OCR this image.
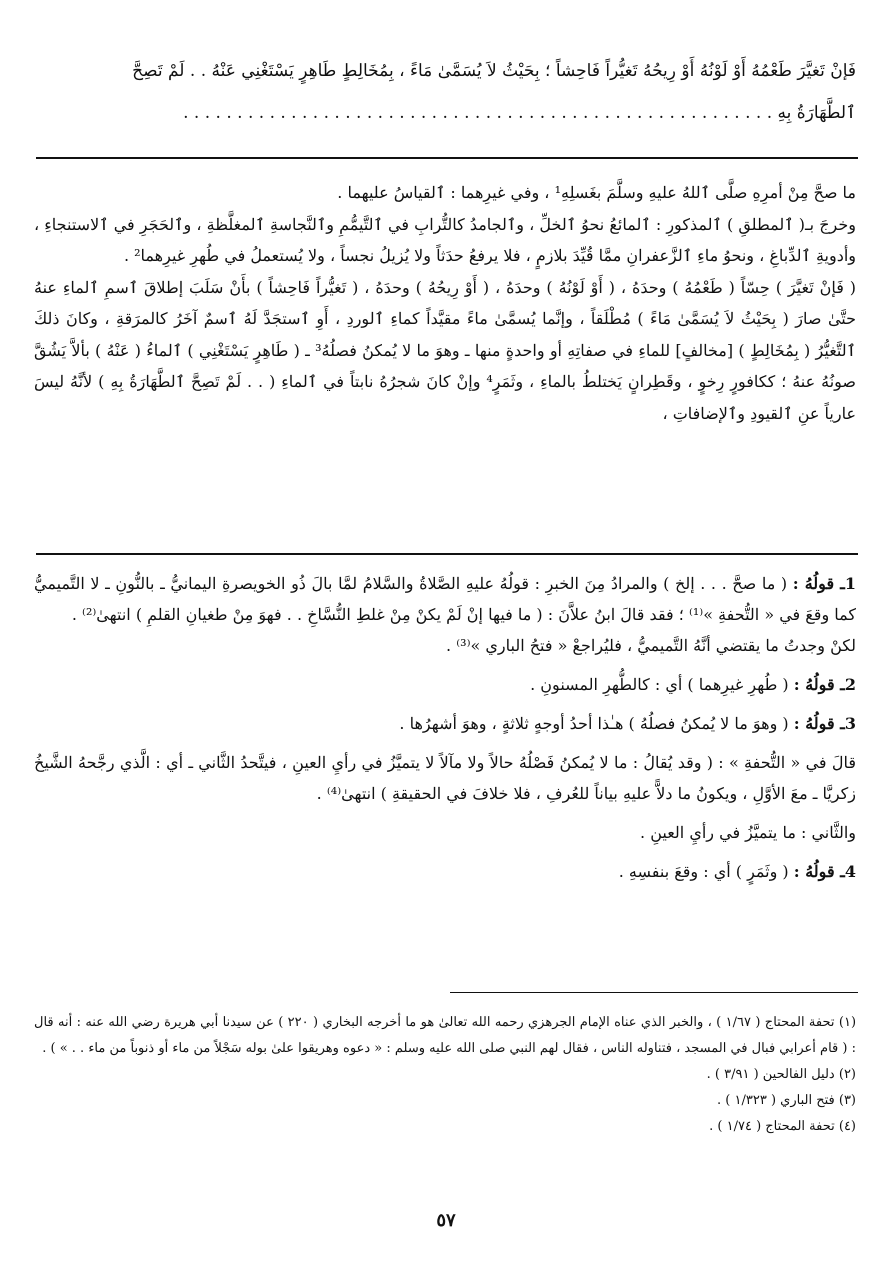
فَإنْ تَغيَّرَ طَعْمُهُ أَوْ لَوْنُهُ أَوْ رِيحُهُ تَغيُّراً فَاحِشاً ؛ بِحَيْثُ لاَ يُسَمَّىٰ مَاءً ، بِمُخَالِطٍ طَاهِرٍ يَسْتَغْنِي عَنْهُ . . لَمْ تَصِحَّ
ٱلطَّهَارَةُ بِهِ . . . . . . . . . . . . . . . . . . . . . . . . . . . . . . . . . . . . . . . . . . . . . . . . . . . . . . .

ما صحَّ مِنْ أمرِهِ صلَّى ٱللهُ عليهِ وسلَّمَ بغَسلِهِ¹ ، وفي غيرِهما : ٱلقياسُ عليهما .

وخرجَ بـ( ٱلمطلقِ ) ٱلمذكورِ : ٱلمائعُ نحوُ ٱلخلِّ ، وٱلجامدُ كالتُّرابِ في ٱلتَّيمُّمِ وٱلنَّجاسةِ ٱلمغلَّظةِ ، وٱلحَجَرِ في ٱلاستنجاءِ ، وأدويةِ ٱلدِّباغِ ، ونحوُ ماءِ ٱلزَّعفرانِ ممَّا قُيِّدَ بلازمٍ ، فلا يرفعُ حدَثاً ولا يُزيلُ نجساً ، ولا يُستعملُ في طُهرِ غيرِهما² .

( فَإنْ تَغيَّرَ ) حِسّاً ( طَعْمُهُ ) وحدَهُ ، ( أَوْ لَوْنُهُ ) وحدَهُ ، ( أَوْ رِيحُهُ ) وحدَهُ ، ( تَغيُّراً فَاحِشاً ) بأَنْ سَلَبَ إطلاقَ ٱسمِ ٱلماءِ عنهُ حتَّىٰ صارَ ( بِحَيْثُ لاَ يُسَمَّىٰ مَاءً ) مُطْلَقاً ، وإنَّما يُسمَّىٰ ماءً مقيَّداً كماءِ ٱلوردِ ، أَوِ ٱستجَدَّ لَهُ ٱسمٌ آخَرُ كالمرَقةِ ، وكانَ ذلكَ ٱلتَّغيُّرُ ( بِمُخَالِطٍ ) [مخالفٍ] للماءِ في صفاتِهِ أو واحدةٍ منها ـ وهوَ ما لا يُمكنُ فصلُهُ³ ـ ( طَاهِرٍ يَسْتَغْنِي ) ٱلماءُ ( عَنْهُ ) بألاَّ يَشُقَّ صونُهُ عنهُ ؛ ككافورٍ رِخوٍ ، وقَطِرانٍ يَختلطُ بالماءِ ، وثَمَرٍ⁴ وإنْ كانَ شجرُهُ نابتاً في ٱلماءِ ( . . لَمْ تَصِحَّ ٱلطَّهَارَةُ بِهِ ) لأنَّهُ ليسَ عارياً عنِ ٱلقيودِ وٱلإضافاتِ ،

1ـ قولُهُ : ( ما صحَّ . . . إلخ ) والمرادُ مِنَ الخبرِ : قولُهُ عليهِ الصَّلاةُ والسَّلامُ لمَّا بالَ ذُو الخويصرةِ اليمانيُّ ـ بالنُّونِ ـ لا التَّميميُّ كما وقعَ في « التُّحفةِ »⁽¹⁾ ؛ فقد قالَ ابنُ علاَّنَ : ( ما فيها إنْ لَمْ يكنْ مِنْ غلطِ النُّسَّاخِ . . فهوَ مِنْ طغيانِ القلمِ ) انتهىٰ⁽²⁾ .

لكنْ وجدتُ ما يقتضي أنَّهُ التَّميميُّ ، فليُراجعْ « فتحُ الباري »⁽³⁾ .

2ـ قولُهُ : ( طُهرِ غيرِهما ) أي : كالطُّهرِ المسنونِ .

3ـ قولُهُ : ( وهوَ ما لا يُمكنُ فصلُهُ ) هـٰذا أحدُ أوجهٍ ثلاثةٍ ، وهوَ أشهرُها .

قالَ في « التُّحفةِ » : ( وقد يُقالُ : ما لا يُمكنُ فَصْلُهُ حالاً ولا مآلاً لا يتميَّزُ في رأيِ العينِ ، فيتَّحدُ الثَّاني ـ أي : الَّذي رجَّحهُ الشَّيخُ زكريَّا ـ معَ الأوَّلِ ، ويكونُ ما دلاًّ عليهِ بياناً للعُرفِ ، فلا خلافَ في الحقيقةِ ) انتهىٰ⁽⁴⁾ .

والثَّاني : ما يتميَّزُ في رأيِ العينِ .

4ـ قولُهُ : ( وثَمَرٍ ) أي : وقعَ بنفسِهِ .

(١) تحفة المحتاج ( ١/٦٧ ) ، والخبر الذي عناه الإمام الجرهزي رحمه الله تعالىٰ هو ما أخرجه البخاري ( ٢٢٠ ) عن سيدنا أبي هريرة رضي الله عنه : أنه قال : ( قام أعرابي فبال في المسجد ، فتناوله الناس ، فقال لهم النبي صلى الله عليه وسلم : « دعوه وهريقوا علىٰ بوله سَجْلاً من ماء أو ذنوباً من ماء . . » ) .

(٢) دليل الفالحين ( ٣/٩١ ) .

(٣) فتح الباري ( ١/٣٢٣ ) .

(٤) تحفة المحتاج ( ١/٧٤ ) .

٥٧
